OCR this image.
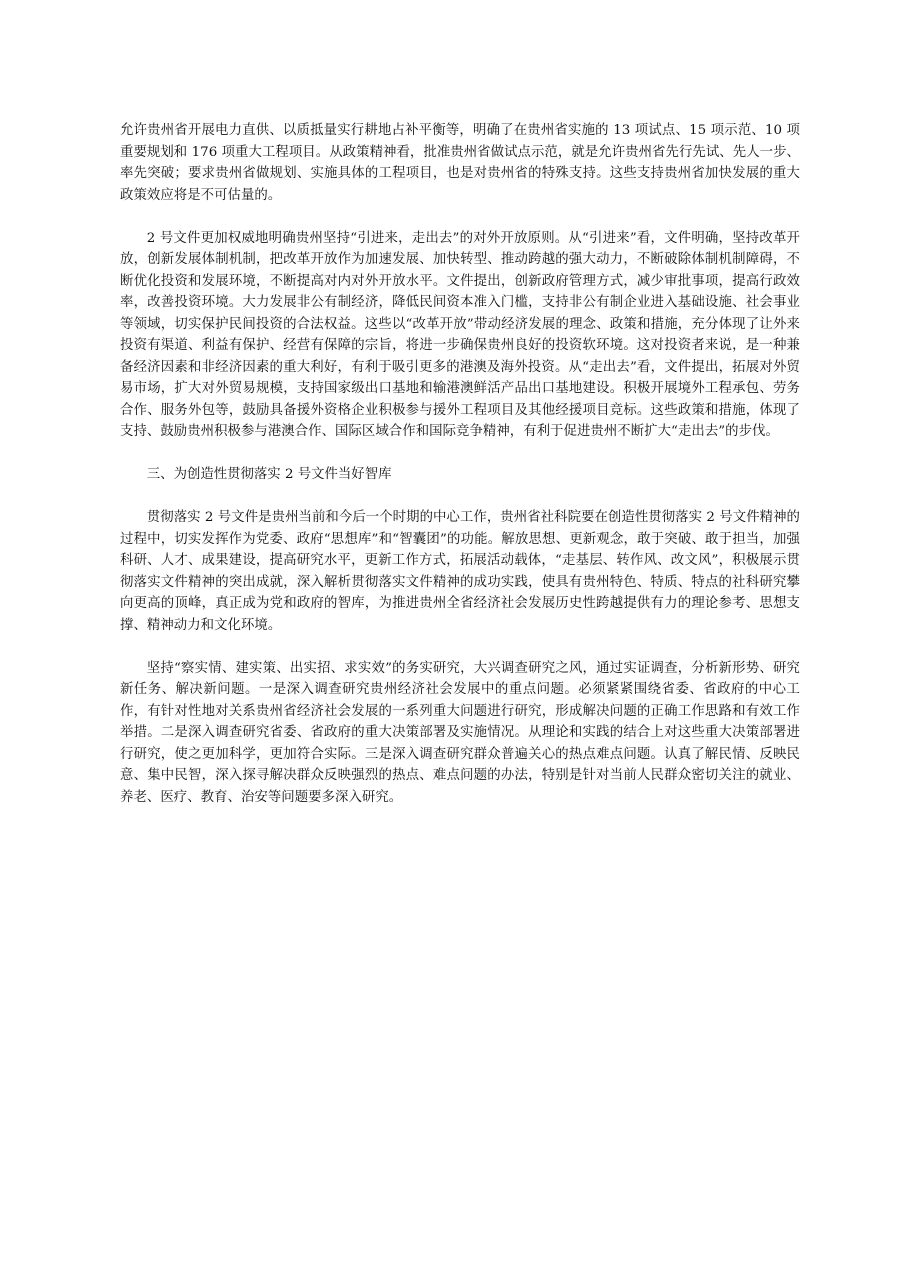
允许贵州省开展电力直供、以质抵量实行耕地占补平衡等，明确了在贵州省实施的 13 项试点、15 项示范、10 项重要规划和 176 项重大工程项目。从政策精神看，批准贵州省做试点示范，就是允许贵州省先行先试、先人一步、率先突破；要求贵州省做规划、实施具体的工程项目，也是对贵州省的特殊支持。这些支持贵州省加快发展的重大政策效应将是不可估量的。

2 号文件更加权威地明确贵州坚持“引进来，走出去”的对外开放原则。从“引进来”看，文件明确，坚持改革开放，创新发展体制机制，把改革开放作为加速发展、加快转型、推动跨越的强大动力，不断破除体制机制障碍，不断优化投资和发展环境，不断提高对内对外开放水平。文件提出，创新政府管理方式，减少审批事项，提高行政效率，改善投资环境。大力发展非公有制经济，降低民间资本准入门槛，支持非公有制企业进入基础设施、社会事业等领域，切实保护民间投资的合法权益。这些以“改革开放”带动经济发展的理念、政策和措施，充分体现了让外来投资有渠道、利益有保护、经营有保障的宗旨，将进一步确保贵州良好的投资软环境。这对投资者来说，是一种兼备经济因素和非经济因素的重大利好，有利于吸引更多的港澳及海外投资。从“走出去”看，文件提出，拓展对外贸易市场，扩大对外贸易规模，支持国家级出口基地和输港澳鲜活产品出口基地建设。积极开展境外工程承包、劳务合作、服务外包等，鼓励具备援外资格企业积极参与援外工程项目及其他经援项目竞标。这些政策和措施，体现了支持、鼓励贵州积极参与港澳合作、国际区域合作和国际竞争精神，有利于促进贵州不断扩大“走出去”的步伐。

三、为创造性贯彻落实 2 号文件当好智库

贯彻落实 2 号文件是贵州当前和今后一个时期的中心工作，贵州省社科院要在创造性贯彻落实 2 号文件精神的过程中，切实发挥作为党委、政府“思想库”和“智囊团”的功能。解放思想、更新观念，敢于突破、敢于担当，加强科研、人才、成果建设，提高研究水平，更新工作方式，拓展活动载体，“走基层、转作风、改文风”，积极展示贯彻落实文件精神的突出成就，深入解析贯彻落实文件精神的成功实践，使具有贵州特色、特质、特点的社科研究攀向更高的顶峰，真正成为党和政府的智库，为推进贵州全省经济社会发展历史性跨越提供有力的理论参考、思想支撑、精神动力和文化环境。

坚持“察实情、建实策、出实招、求实效”的务实研究，大兴调查研究之风，通过实证调查，分析新形势、研究新任务、解决新问题。一是深入调查研究贵州经济社会发展中的重点问题。必须紧紧围绕省委、省政府的中心工作，有针对性地对关系贵州省经济社会发展的一系列重大问题进行研究，形成解决问题的正确工作思路和有效工作举措。二是深入调查研究省委、省政府的重大决策部署及实施情况。从理论和实践的结合上对这些重大决策部署进行研究，使之更加科学，更加符合实际。三是深入调查研究群众普遍关心的热点难点问题。认真了解民情、反映民意、集中民智，深入探寻解决群众反映强烈的热点、难点问题的办法，特别是针对当前人民群众密切关注的就业、养老、医疗、教育、治安等问题要多深入研究。
